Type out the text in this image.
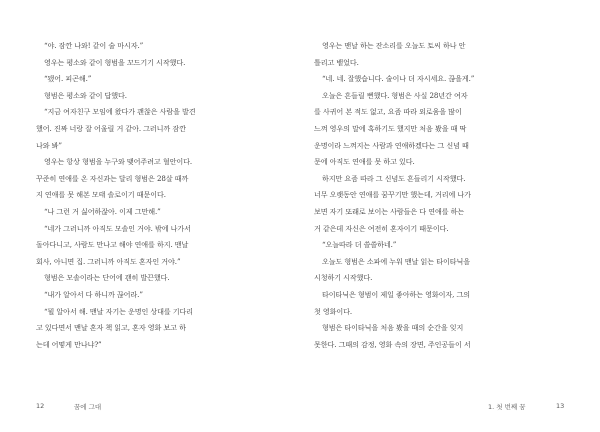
“야. 잠깐 나와! 같이 술 마시자.”

영우는 평소와 같이 형범을 꼬드기기 시작했다.

“됐어. 피곤해.”

형범은 평소와 같이 답했다.

“지금 여자친구 모임에 왔다가 괜찮은 사람을 발견
했어. 진짜 너랑 잘 어울릴 거 같아. 그러니까 잠깐
나와 봐”

영우는 항상 형범을 누구와 맺어주려고 혈안이다.
꾸준히 연애를 온 자신과는 달리 형범은 28살 때까
지 연애를 못 해본 모태 솔로이기 때문이다.

“나 그런 거 싫어하잖아. 이제 그만해.”

“네가 그러니까 아직도 모솔인 거야. 밖에 나가서
돌아다니고, 사람도 만나고 해야 연애를 하지. 맨날
회사, 아니면 집. 그러니까 아직도 혼자인 거야.”

형범은 모솔이라는 단어에 괜히 발끈했다.

“내가 알아서 다 하니까 끊어라.”

“뭘 알아서 해. 맨날 자기는 운명인 상대를 기다리
고 있다면서 맨날 혼자 책 읽고, 혼자 영화 보고 하
는데 어떻게 만나냐?”

영우는 맨날 하는 잔소리를 오늘도 토씨 하나 안
틀리고 뱉었다.

“네. 네. 잘했습니다. 술이나 더 자시세요. 끊을게.”

오늘은 흔들릴 뻔했다. 형범은 사실 28년간 여자
를 사귀어 본 적도 없고, 요즘 따라 외로움을 많이
느껴 영우의 말에 혹하기도 했지만 처음 봤을 때 딱
운명이라 느껴지는 사람과 연애하겠다는 그 신념 때
문에 아직도 연애를 못 하고 있다.

하지만 요즘 따라 그 신념도 흔들리기 시작했다.
너무 오랫동안 연애를 꿈꾸기만 했는데, 거리에 나가
보면 자기 또래로 보이는 사람들은 다 연애를 하는
거 같은데 자신은 여전히 혼자이기 때문이다.

“오늘따라 더 쓸쓸하네.”

오늘도 형범은 소파에 누워 맨날 읽는 타이타닉을
시청하기 시작했다.

타이타닉은 형범이 제일 좋아하는 영화이자, 그의
첫 영화이다.

형범은 타이타닉을 처음 봤을 때의 순간을 잊지
못한다. 그때의 감정, 영화 속의 장면, 주인공들이 서

12	꿈에 그대	1. 첫 번째 꿈	13
